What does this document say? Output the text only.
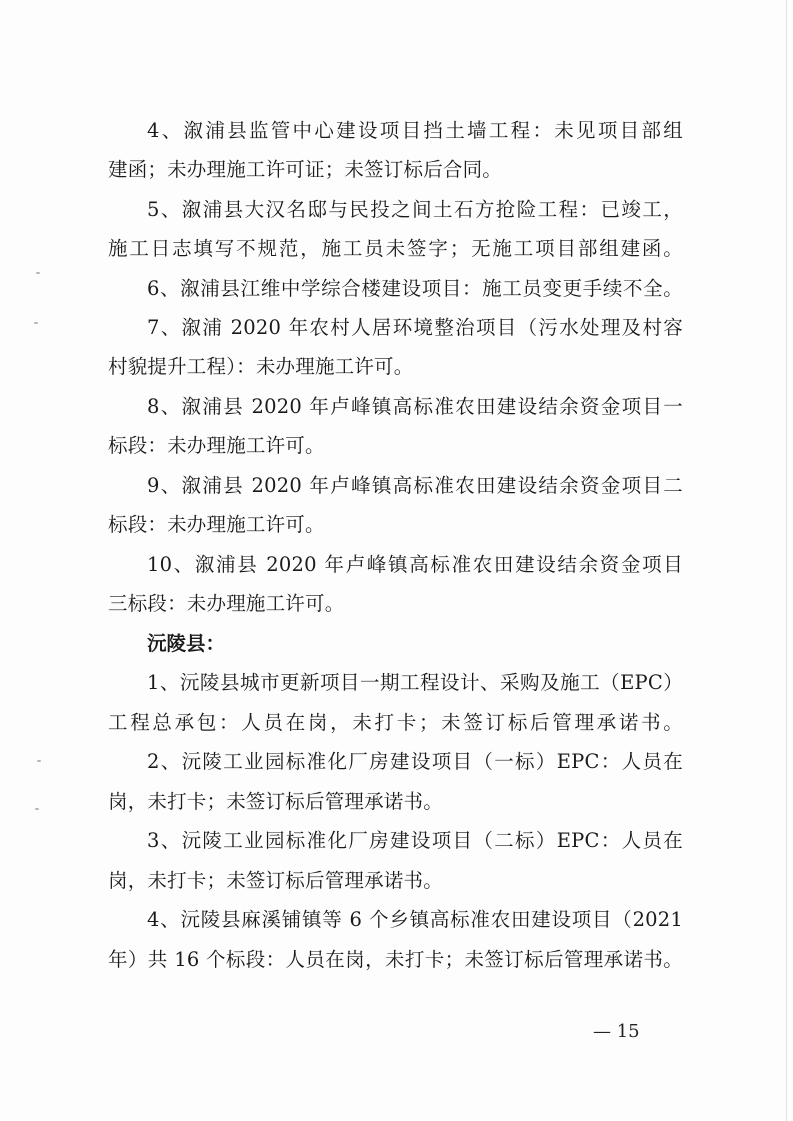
4、溆浦县监管中心建设项目挡土墙工程：未见项目部组
建函；未办理施工许可证；未签订标后合同。
5、溆浦县大汉名邸与民投之间土石方抢险工程：已竣工，
施工日志填写不规范，施工员未签字；无施工项目部组建函。
6、溆浦县江维中学综合楼建设项目：施工员变更手续不全。
7、溆浦 2020 年农村人居环境整治项目（污水处理及村容
村貌提升工程）：未办理施工许可。
8、溆浦县 2020 年卢峰镇高标准农田建设结余资金项目一
标段：未办理施工许可。
9、溆浦县 2020 年卢峰镇高标准农田建设结余资金项目二
标段：未办理施工许可。
10、溆浦县 2020 年卢峰镇高标准农田建设结余资金项目
三标段：未办理施工许可。
沅陵县：
1、沅陵县城市更新项目一期工程设计、采购及施工（EPC）
工程总承包：人员在岗，未打卡；未签订标后管理承诺书。
2、沅陵工业园标准化厂房建设项目（一标）EPC：人员在
岗，未打卡；未签订标后管理承诺书。
3、沅陵工业园标准化厂房建设项目（二标）EPC：人员在
岗，未打卡；未签订标后管理承诺书。
4、沅陵县麻溪铺镇等 6 个乡镇高标准农田建设项目（2021
年）共 16 个标段：人员在岗，未打卡；未签订标后管理承诺书。
— 15
